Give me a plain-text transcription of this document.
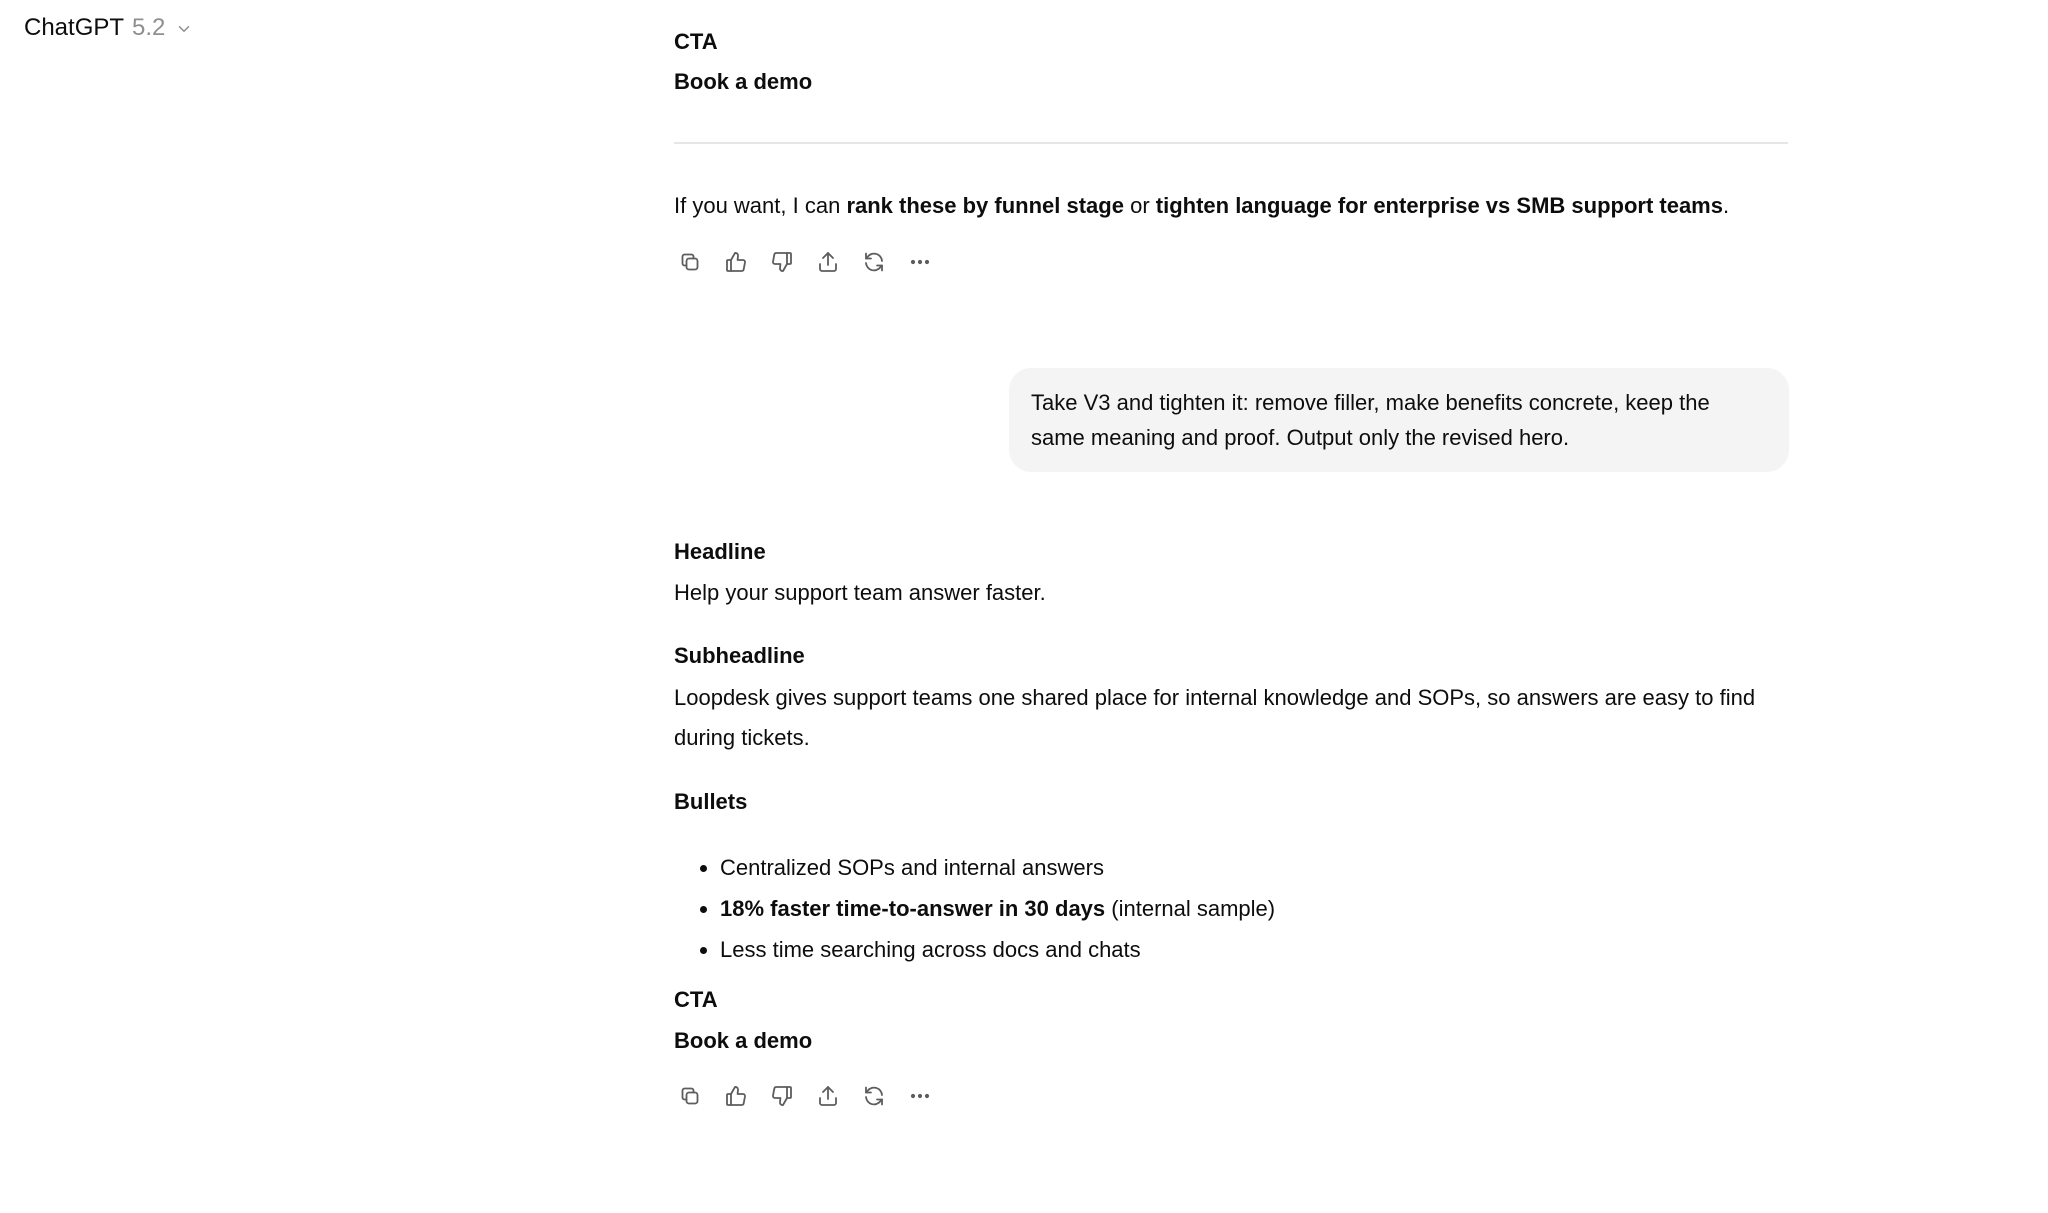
ChatGPT 5.2
CTA
Book a demo
If you want, I can rank these by funnel stage or tighten language for enterprise vs SMB support teams.
Take V3 and tighten it: remove filler, make benefits concrete, keep the same meaning and proof. Output only the revised hero.
Headline
Help your support team answer faster.
Subheadline
Loopdesk gives support teams one shared place for internal knowledge and SOPs, so answers are easy to find during tickets.
Bullets
• Centralized SOPs and internal answers
• 18% faster time-to-answer in 30 days (internal sample)
• Less time searching across docs and chats
CTA
Book a demo
